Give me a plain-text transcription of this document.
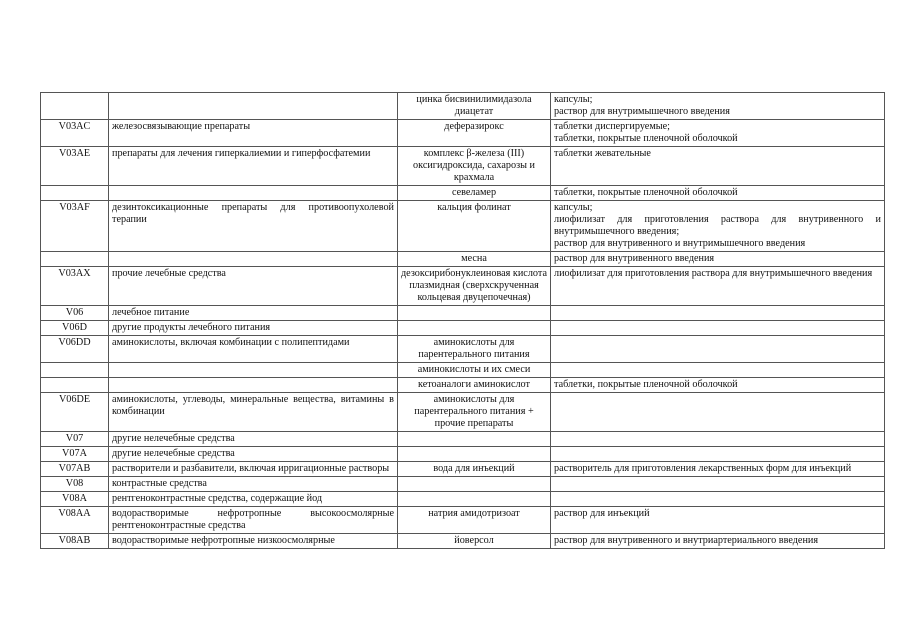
		цинка бисвинилимидазола диацетат	капсулы;
раствор для внутримышечного введения

V03AC	железосвязывающие препараты	деферазирокс	таблетки диспергируемые;
таблетки, покрытые пленочной оболочкой

V03AE	препараты для лечения гиперкалиемии и гиперфосфатемии	комплекс β-железа (III) оксигидроксида, сахарозы и крахмала	таблетки жевательные

		севеламер	таблетки, покрытые пленочной оболочкой

V03AF	дезинтоксикационные препараты для противоопухолевой терапии	кальция фолинат	капсулы;
лиофилизат для приготовления раствора для внутривенного и внутримышечного введения;
раствор для внутривенного и внутримышечного введения

		месна	раствор для внутривенного введения

V03AX	прочие лечебные средства	дезоксирибонуклеиновая кислота плазмидная (сверхскрученная кольцевая двуцепочечная)	лиофилизат для приготовления раствора для внутримышечного введения

V06	лечебное питание		
V06D	другие продукты лечебного питания		
V06DD	аминокислоты, включая комбинации с полипептидами	аминокислоты для парентерального питания	
		аминокислоты и их смеси	
		кетоаналоги аминокислот	таблетки, покрытые пленочной оболочкой

V06DE	аминокислоты, углеводы, минеральные вещества, витамины в комбинации	аминокислоты для парентерального питания + прочие препараты	
V07	другие нелечебные средства		
V07A	другие нелечебные средства		
V07AB	растворители и разбавители, включая ирригационные растворы	вода для инъекций	растворитель для приготовления лекарственных форм для инъекций

V08	контрастные средства		
V08A	рентгеноконтрастные средства, содержащие йод		
V08AA	водорастворимые нефротропные высокоосмолярные рентгеноконтрастные средства	натрия амидотризоат	раствор для инъекций

V08AB	водорастворимые нефротропные низкоосмолярные	йоверсол	раствор для внутривенного и внутриартериального введения
